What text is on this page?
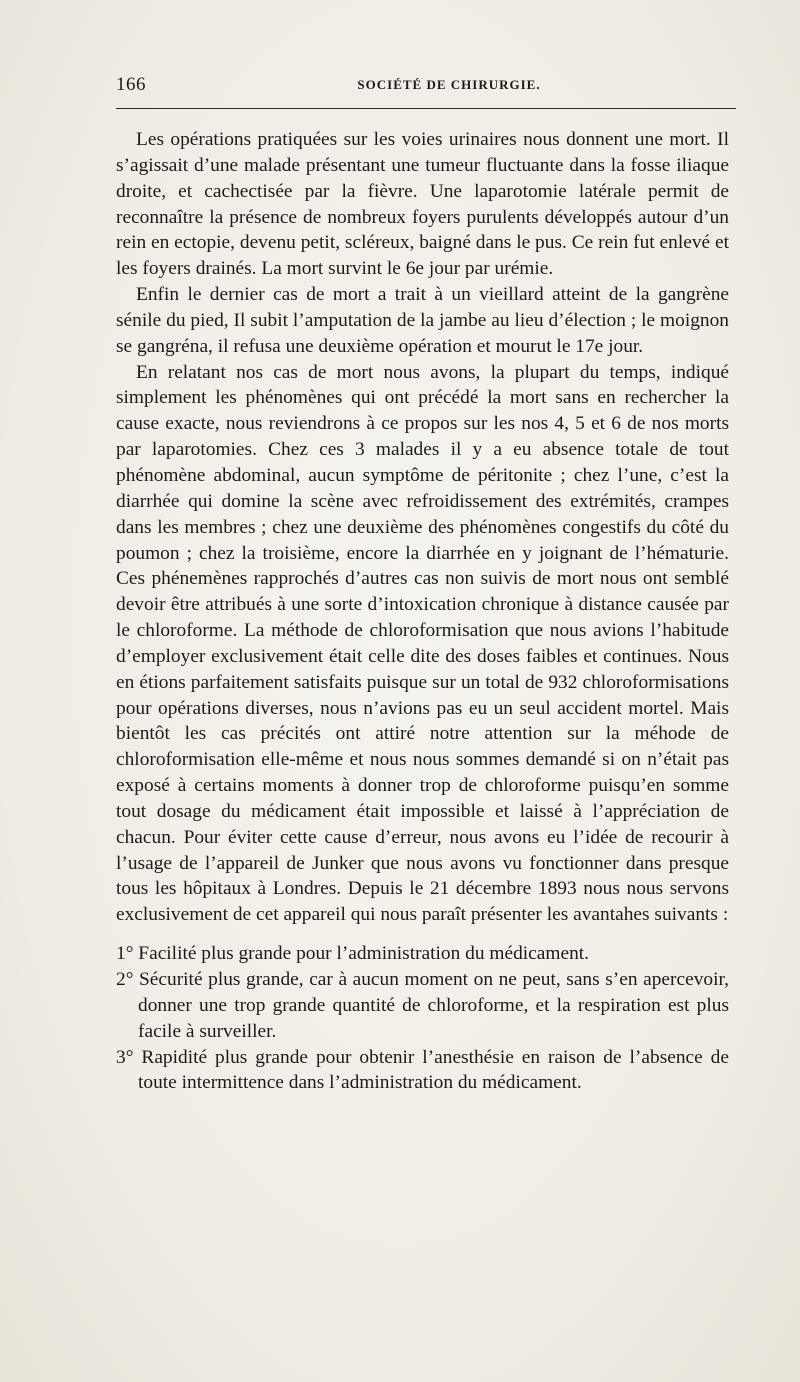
166	SOCIÉTÉ DE CHIRURGIE.

Les opérations pratiquées sur les voies urinaires nous donnent une mort. Il s’agissait d’une malade présentant une tumeur fluctuante dans la fosse iliaque droite, et cachectisée par la fièvre. Une laparotomie latérale permit de reconnaître la présence de nombreux foyers purulents développés autour d’un rein en ectopie, devenu petit, scléreux, baigné dans le pus. Ce rein fut enlevé et les foyers drainés. La mort survint le 6e jour par urémie.

Enfin le dernier cas de mort a trait à un vieillard atteint de la gangrène sénile du pied, Il subit l’amputation de la jambe au lieu d’élection ; le moignon se gangréna, il refusa une deuxième opération et mourut le 17e jour.

En relatant nos cas de mort nous avons, la plupart du temps, indiqué simplement les phénomènes qui ont précédé la mort sans en rechercher la cause exacte, nous reviendrons à ce propos sur les nos 4, 5 et 6 de nos morts par laparotomies. Chez ces 3 malades il y a eu absence totale de tout phénomène abdominal, aucun symptôme de péritonite ; chez l’une, c’est la diarrhée qui domine la scène avec refroidissement des extrémités, crampes dans les membres ; chez une deuxième des phénomènes congestifs du côté du poumon ; chez la troisième, encore la diarrhée en y joignant de l’hématurie. Ces phénemènes rapprochés d’autres cas non suivis de mort nous ont semblé devoir être attribués à une sorte d’intoxication chronique à distance causée par le chloroforme. La méthode de chloroformisation que nous avions l’habitude d’employer exclusivement était celle dite des doses faibles et continues. Nous en étions parfaitement satisfaits puisque sur un total de 932 chloroformisations pour opérations diverses, nous n’avions pas eu un seul accident mortel. Mais bientôt les cas précités ont attiré notre attention sur la méhode de chloroformisation elle-même et nous nous sommes demandé si on n’était pas exposé à certains moments à donner trop de chloroforme puisqu’en somme tout dosage du médicament était impossible et laissé à l’appréciation de chacun. Pour éviter cette cause d’erreur, nous avons eu l’idée de recourir à l’usage de l’appareil de Junker que nous avons vu fonctionner dans presque tous les hôpitaux à Londres. Depuis le 21 décembre 1893 nous nous servons exclusivement de cet appareil qui nous paraît présenter les avantahes suivants :

1° Facilité plus grande pour l’administration du médicament.
2° Sécurité plus grande, car à aucun moment on ne peut, sans s’en apercevoir, donner une trop grande quantité de chloroforme, et la respiration est plus facile à surveiller.
3° Rapidité plus grande pour obtenir l’anesthésie en raison de l’absence de toute intermittence dans l’administration du médicament.
